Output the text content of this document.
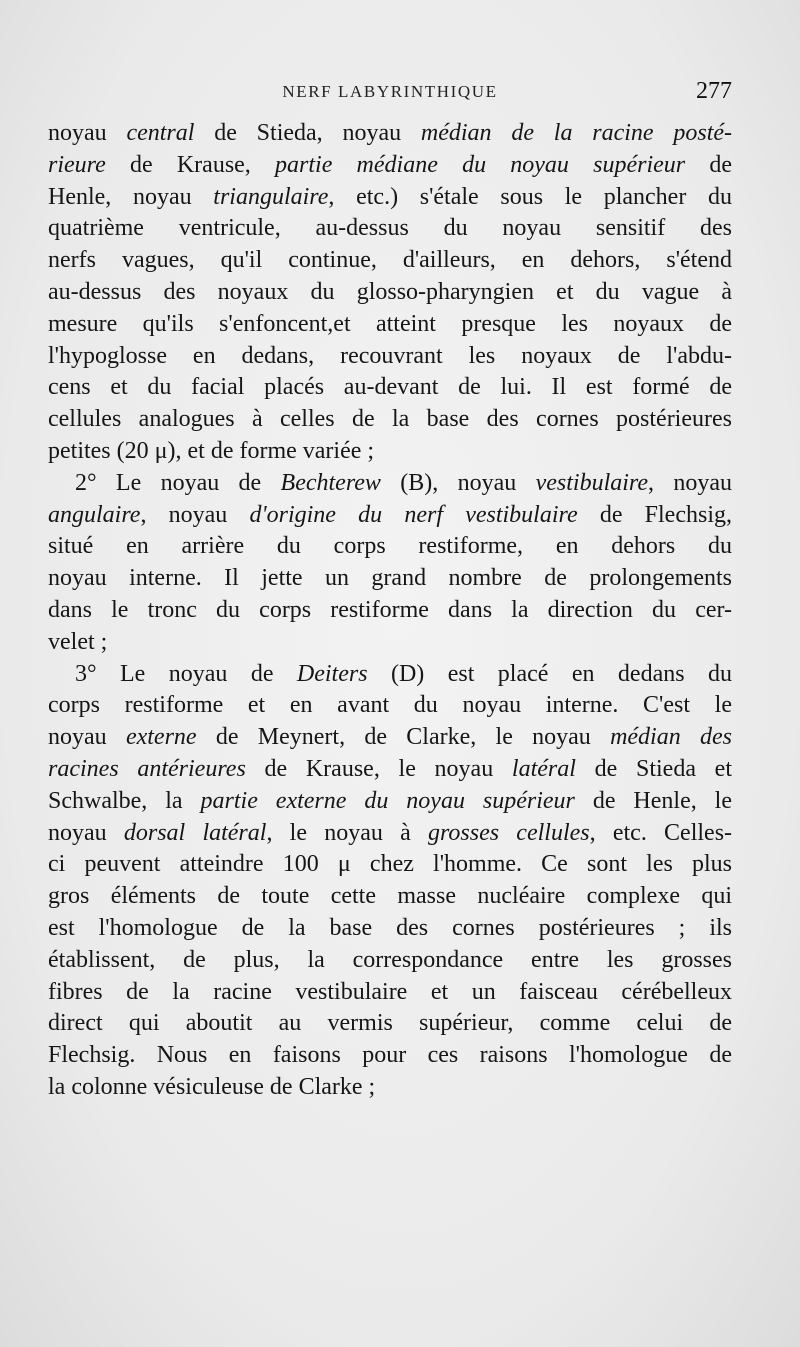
NERF LABYRINTHIQUE	277
noyau central de Stieda, noyau médian de la racine posté-
rieure de Krause, partie médiane du noyau supérieur de
Henle, noyau triangulaire, etc.) s'étale sous le plancher du
quatrième ventricule, au-dessus du noyau sensitif des
nerfs vagues, qu'il continue, d'ailleurs, en dehors, s'étend
au-dessus des noyaux du glosso-pharyngien et du vague à
mesure qu'ils s'enfoncent,et atteint presque les noyaux de
l'hypoglosse en dedans, recouvrant les noyaux de l'abdu-
cens et du facial placés au-devant de lui. Il est formé de
cellules analogues à celles de la base des cornes postérieures
petites (20 μ), et de forme variée ;
2° Le noyau de Bechterew (B), noyau vestibulaire, noyau
angulaire, noyau d'origine du nerf vestibulaire de Flechsig,
situé en arrière du corps restiforme, en dehors du
noyau interne. Il jette un grand nombre de prolongements
dans le tronc du corps restiforme dans la direction du cer-
velet ;
3° Le noyau de Deiters (D) est placé en dedans du
corps restiforme et en avant du noyau interne. C'est le
noyau externe de Meynert, de Clarke, le noyau médian des
racines antérieures de Krause, le noyau latéral de Stieda et
Schwalbe, la partie externe du noyau supérieur de Henle, le
noyau dorsal latéral, le noyau à grosses cellules, etc. Celles-
ci peuvent atteindre 100 μ chez l'homme. Ce sont les plus
gros éléments de toute cette masse nucléaire complexe qui
est l'homologue de la base des cornes postérieures ; ils
établissent, de plus, la correspondance entre les grosses
fibres de la racine vestibulaire et un faisceau cérébelleux
direct qui aboutit au vermis supérieur, comme celui de
Flechsig. Nous en faisons pour ces raisons l'homologue de
la colonne vésiculeuse de Clarke ;
